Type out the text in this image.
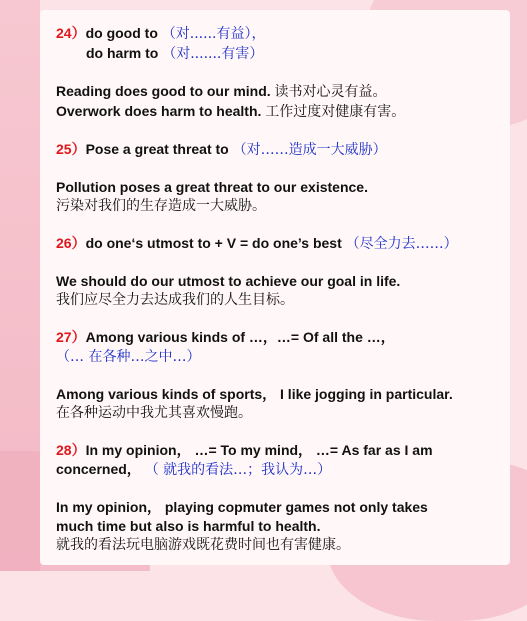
24）do good to （对......有益），
do harm to （对.......有害）
Reading does good to our mind. 读书对心灵有益。
Overwork does harm to health. 工作过度对健康有害。
25）Pose a great threat to （对……造成一大威胁）
Pollution poses a great threat to our existence.
污染对我们的生存造成一大威胁。
26）do one‘s utmost to + V = do one’s best （尽全力去……）
We should do our utmost to achieve our goal in life.
我们应尽全力去达成我们的人生目标。
27）Among various kinds of …，…= Of all the …，
（… 在各种…之中…）
Among various kinds of sports， I like jogging in particular.
在各种运动中我尤其喜欢慢跑。
28）In my opinion， …= To my mind， …= As far as I am
concerned， （ 就我的看法…；我认为…）
In my opinion， playing copmuter games not only takes
much time but also is harmful to health.
就我的看法玩电脑游戏既花费时间也有害健康。
